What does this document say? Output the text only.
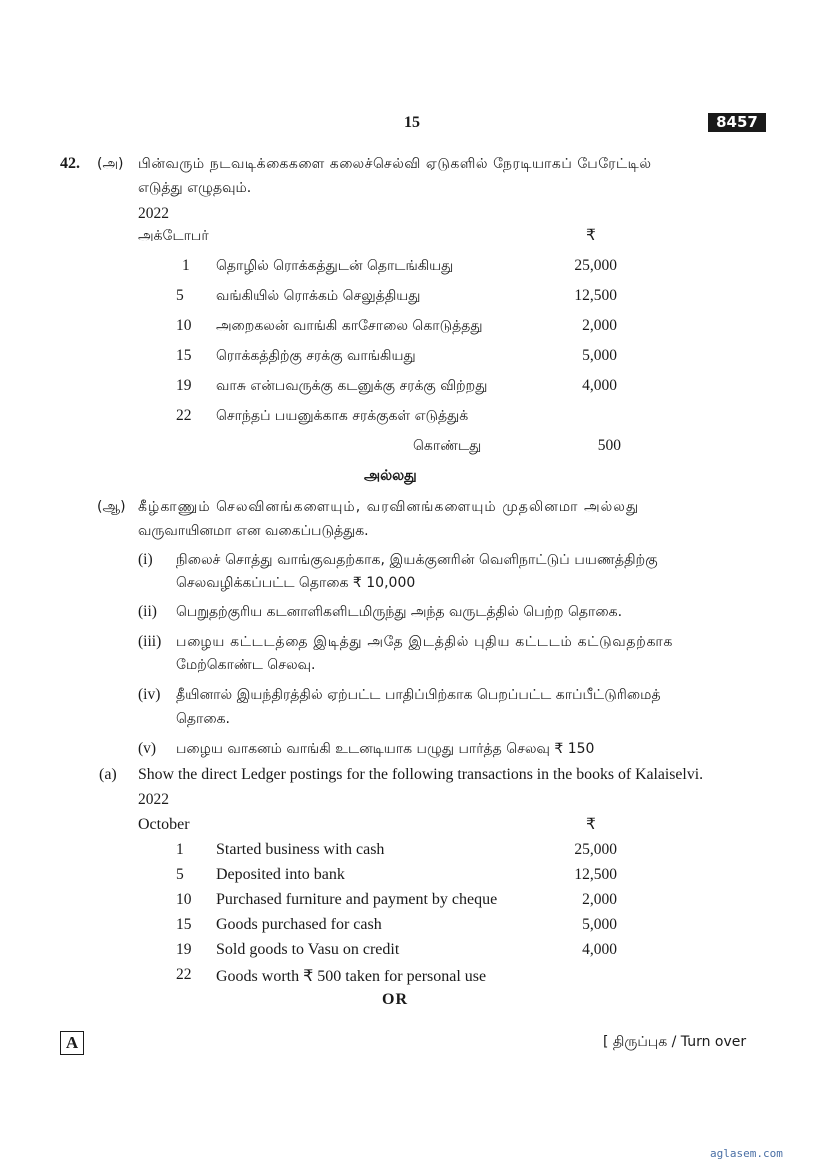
15	8457
42. (அ) பின்வரும் நடவடிக்கைகளை கலைச்செல்வி ஏடுகளில் நேரடியாகப் பேரேட்டில்
எடுத்து எழுதவும்.
2022
அக்டோபர்	₹
1 தொழில் ரொக்கத்துடன் தொடங்கியது	25,000
5 வங்கியில் ரொக்கம் செலுத்தியது	12,500
10 அறைகலன் வாங்கி காசோலை கொடுத்தது	2,000
15 ரொக்கத்திற்கு சரக்கு வாங்கியது	5,000
19 வாசு என்பவருக்கு கடனுக்கு சரக்கு விற்றது	4,000
22 சொந்தப் பயனுக்காக சரக்குகள் எடுத்துக்
கொண்டது	500
அல்லது
(ஆ) கீழ்காணும் செலவினங்களையும், வரவினங்களையும் முதலினமா அல்லது
வருவாயினமா என வகைப்படுத்துக.
(i) நிலைச் சொத்து வாங்குவதற்காக, இயக்குனரின் வெளிநாட்டுப் பயணத்திற்கு
செலவழிக்கப்பட்ட தொகை ₹ 10,000
(ii) பெறுதற்குரிய கடனாளிகளிடமிருந்து அந்த வருடத்தில் பெற்ற தொகை.
(iii) பழைய கட்டடத்தை இடித்து அதே இடத்தில் புதிய கட்டடம் கட்டுவதற்காக
மேற்கொண்ட செலவு.
(iv) தீயினால் இயந்திரத்தில் ஏற்பட்ட பாதிப்பிற்காக பெறப்பட்ட காப்பீட்டுரிமைத்
தொகை.
(v) பழைய வாகனம் வாங்கி உடனடியாக பழுது பார்த்த செலவு ₹ 150
(a) Show the direct Ledger postings for the following transactions in the books of Kalaiselvi.
2022
October	₹
1 Started business with cash	25,000
5 Deposited into bank	12,500
10 Purchased furniture and payment by cheque	2,000
15 Goods purchased for cash	5,000
19 Sold goods to Vasu on credit	4,000
22 Goods worth ₹ 500 taken for personal use
OR
A	[ திருப்புக / Turn over
aglasem.com
